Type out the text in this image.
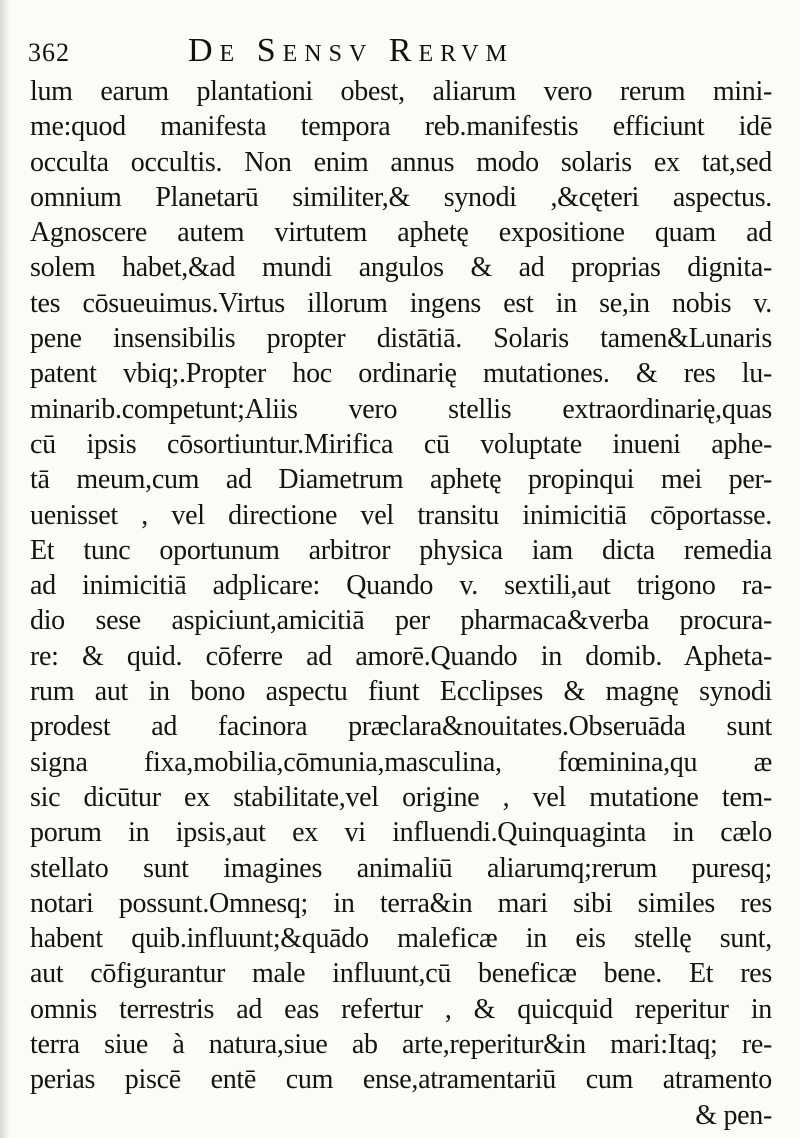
362	De Sensv Rervm
lum earum plantationi obest, aliarum vero rerum mini-
me:quod manifesta tempora reb.manifestis efficiunt idē
occulta occultis. Non enim annus modo solaris ex tat,sed
omnium Planetarū similiter,& synodi ,&cęteri aspectus.
Agnoscere autem virtutem aphetę expositione quam ad
solem habet,&ad mundi angulos & ad proprias dignita-
tes cōsueuimus.Virtus illorum ingens est in se,in nobis v.
pene insensibilis propter distātiā. Solaris tamen&Lunaris
patent vbiq;.Propter hoc ordinarię mutationes. & res lu-
minarib.competunt;Aliis vero stellis extraordinarię,quas
cū ipsis cōsortiuntur.Mirifica cū voluptate inueni aphe-
tā meum,cum ad Diametrum aphetę propinqui mei per-
uenisset , vel directione vel transitu inimicitiā cōportasse.
Et tunc oportunum arbitror physica iam dicta remedia
ad inimicitiā adplicare: Quando v. sextili,aut trigono ra-
dio sese aspiciunt,amicitiā per pharmaca&verba procura-
re: & quid. cōferre ad amorē.Quando in domib. Apheta-
rum aut in bono aspectu fiunt Ecclipses & magnę synodi
prodest ad facinora præclara&nouitates.Obseruāda sunt
signa fixa,mobilia,cōmunia,masculina, fœminina,qu æ
sic dicūtur ex stabilitate,vel origine , vel mutatione tem-
porum in ipsis,aut ex vi influendi.Quinquaginta in cælo
stellato sunt imagines animaliū aliarumq;rerum puresq;
notari possunt.Omnesq; in terra&in mari sibi similes res
habent quib.influunt;&quādo maleficæ in eis stellę sunt,
aut cōfigurantur male influunt,cū beneficæ bene. Et res
omnis terrestris ad eas refertur , & quicquid reperitur in
terra siue à natura,siue ab arte,reperitur&in mari:Itaq; re-
perias piscē entē cum ense,atramentariū cum atramento
& pen-
